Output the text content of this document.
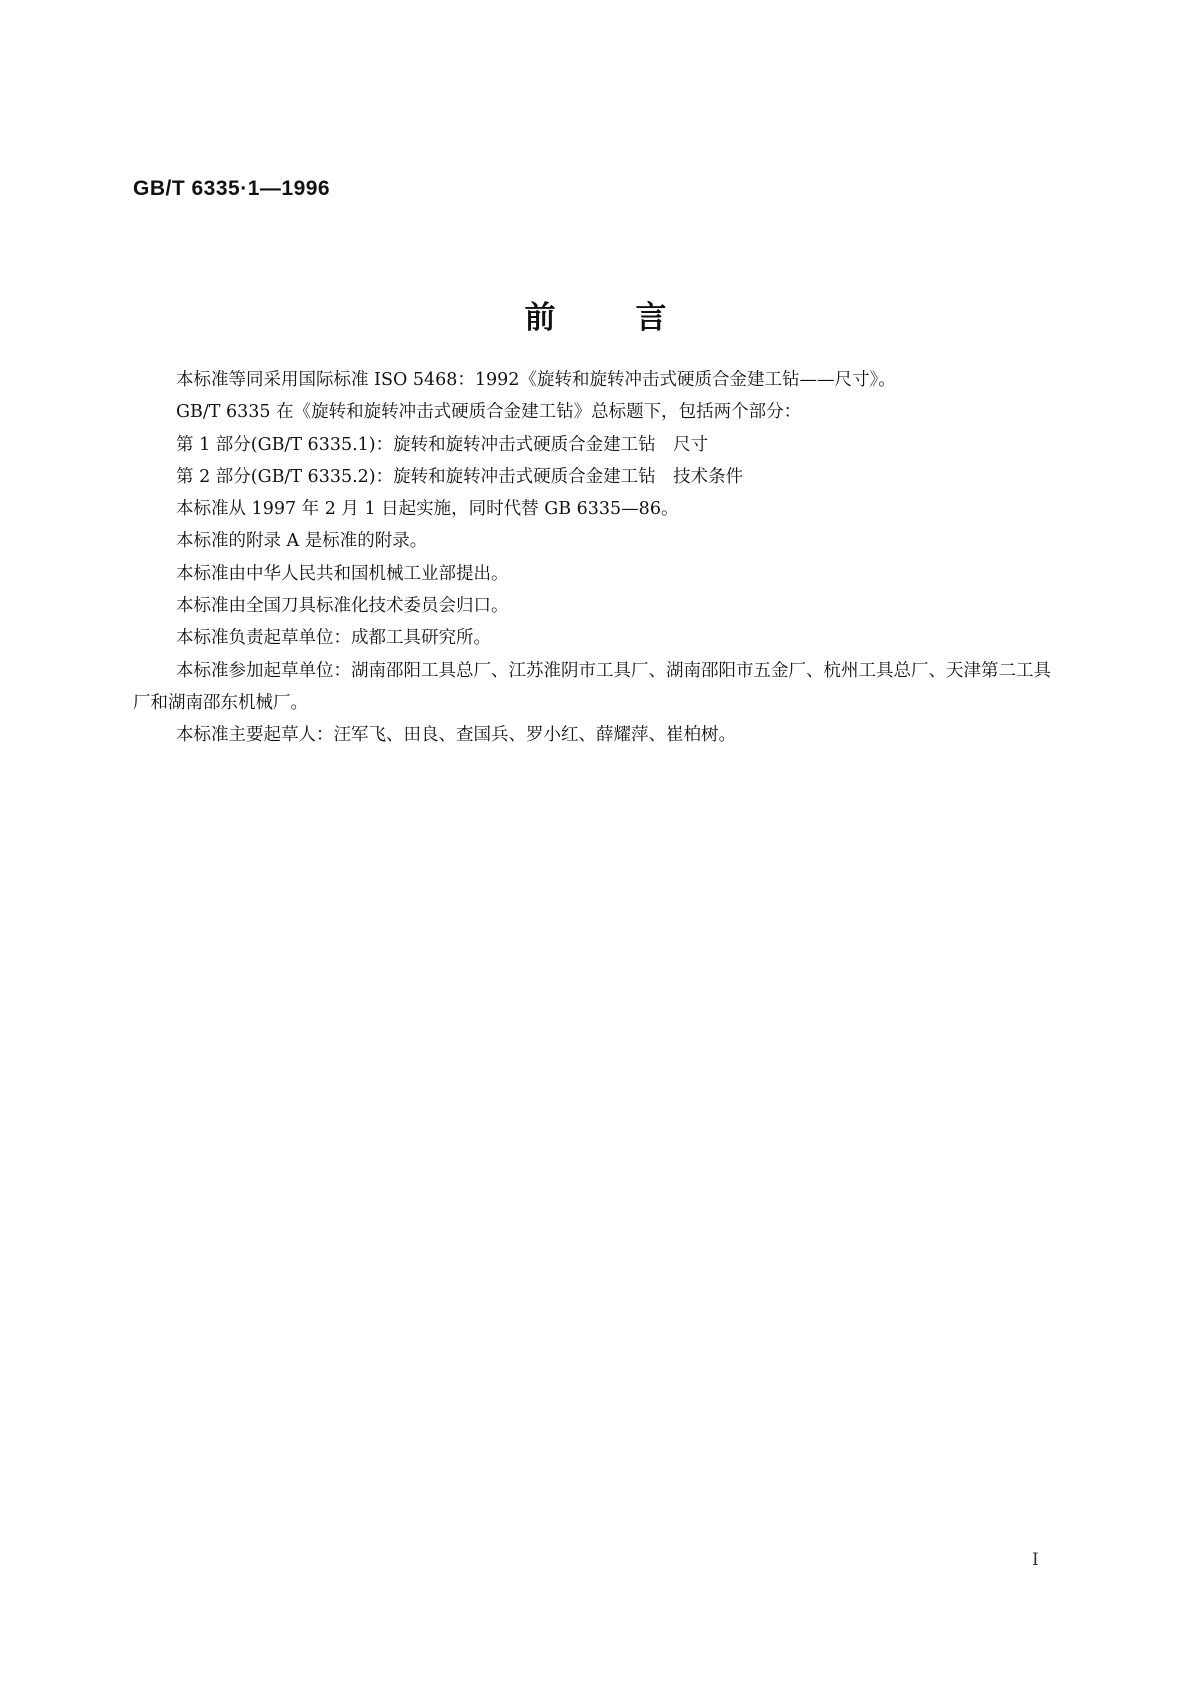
GB/T 6335·1—1996
前	言

本标准等同采用国际标准 ISO 5468：1992《旋转和旋转冲击式硬质合金建工钻——尺寸》。

GB/T 6335 在《旋转和旋转冲击式硬质合金建工钻》总标题下，包括两个部分：

第 1 部分(GB/T 6335.1)：旋转和旋转冲击式硬质合金建工钻　尺寸

第 2 部分(GB/T 6335.2)：旋转和旋转冲击式硬质合金建工钻　技术条件

本标准从 1997 年 2 月 1 日起实施，同时代替 GB 6335—86。

本标准的附录 A 是标准的附录。

本标准由中华人民共和国机械工业部提出。

本标准由全国刀具标准化技术委员会归口。

本标准负责起草单位：成都工具研究所。

本标准参加起草单位：湖南邵阳工具总厂、江苏淮阴市工具厂、湖南邵阳市五金厂、杭州工具总厂、天津第二工具厂和湖南邵东机械厂。

本标准主要起草人：汪军飞、田良、查国兵、罗小红、薛耀萍、崔柏树。

I
